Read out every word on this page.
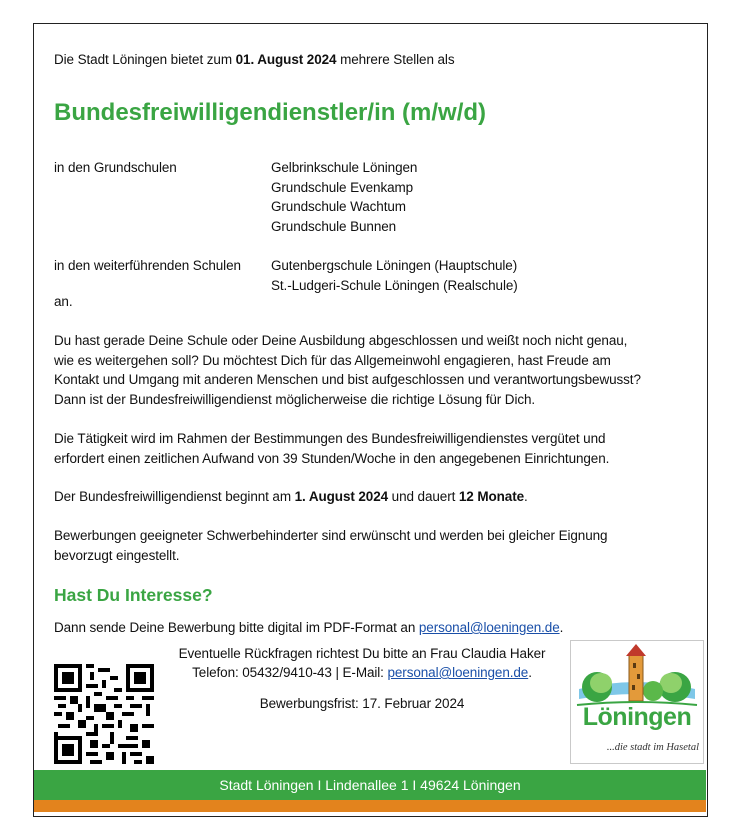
Die Stadt Löningen bietet zum 01. August 2024 mehrere Stellen als
Bundesfreiwilligendienstler/in (m/w/d)
in den Grundschulen	Gelbrinkschule Löningen
Grundschule Evenkamp
Grundschule Wachtum
Grundschule Bunnen
in den weiterführenden Schulen Gutenbergschule Löningen (Hauptschule)
St.-Ludgeri-Schule Löningen (Realschule)
an.
Du hast gerade Deine Schule oder Deine Ausbildung abgeschlossen und weißt noch nicht genau,
wie es weitergehen soll? Du möchtest Dich für das Allgemeinwohl engagieren, hast Freude am
Kontakt und Umgang mit anderen Menschen und bist aufgeschlossen und verantwortungsbewusst?
Dann ist der Bundesfreiwilligendienst möglicherweise die richtige Lösung für Dich.
Die Tätigkeit wird im Rahmen der Bestimmungen des Bundesfreiwilligendienstes vergütet und
erfordert einen zeitlichen Aufwand von 39 Stunden/Woche in den angegebenen Einrichtungen.
Der Bundesfreiwilligendienst beginnt am 1. August 2024 und dauert 12 Monate.
Bewerbungen geeigneter Schwerbehinderter sind erwünscht und werden bei gleicher Eignung
bevorzugt eingestellt.
Hast Du Interesse?
Dann sende Deine Bewerbung bitte digital im PDF-Format an personal@loeningen.de.
Eventuelle Rückfragen richtest Du bitte an Frau Claudia Haker
Telefon: 05432/9410-43 | E-Mail: personal@loeningen.de.
Bewerbungsfrist: 17. Februar 2024	Löningen
...die stadt im Hasetal
Stadt Löningen I Lindenallee 1 I 49624 Löningen
